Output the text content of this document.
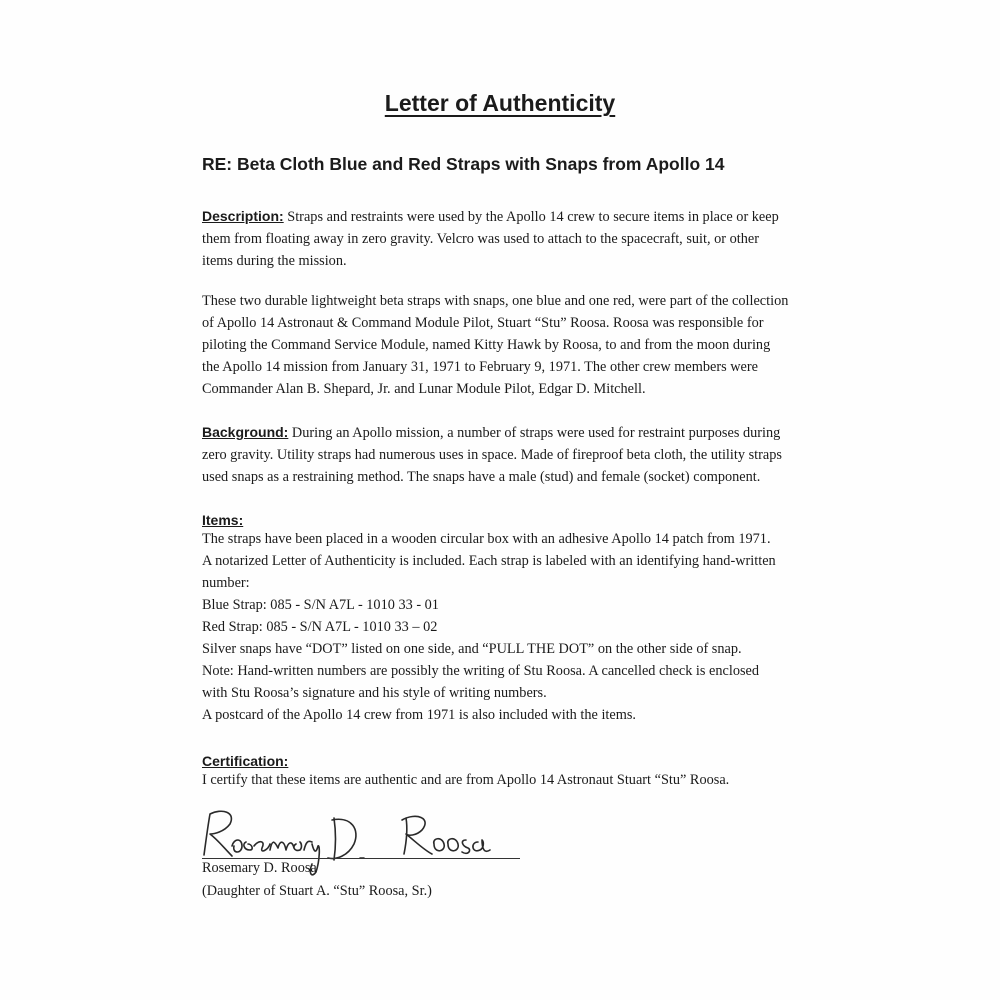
Letter of Authenticity
RE: Beta Cloth Blue and Red Straps with Snaps from Apollo 14
Description: Straps and restraints were used by the Apollo 14 crew to secure items in place or keep
them from floating away in zero gravity. Velcro was used to attach to the spacecraft, suit, or other
items during the mission.
These two durable lightweight beta straps with snaps, one blue and one red, were part of the collection
of Apollo 14 Astronaut & Command Module Pilot, Stuart “Stu” Roosa. Roosa was responsible for
piloting the Command Service Module, named Kitty Hawk by Roosa, to and from the moon during
the Apollo 14 mission from January 31, 1971 to February 9, 1971. The other crew members were
Commander Alan B. Shepard, Jr. and Lunar Module Pilot, Edgar D. Mitchell.
Background: During an Apollo mission, a number of straps were used for restraint purposes during
zero gravity. Utility straps had numerous uses in space. Made of fireproof beta cloth, the utility straps
used snaps as a restraining method. The snaps have a male (stud) and female (socket) component.
Items:
The straps have been placed in a wooden circular box with an adhesive Apollo 14 patch from 1971.
A notarized Letter of Authenticity is included. Each strap is labeled with an identifying hand-written
number:
Blue Strap: 085 - S/N A7L - 1010 33 - 01
Red Strap: 085 - S/N A7L - 1010 33 – 02
Silver snaps have “DOT” listed on one side, and “PULL THE DOT” on the other side of snap.
Note: Hand-written numbers are possibly the writing of Stu Roosa. A cancelled check is enclosed
with Stu Roosa’s signature and his style of writing numbers.
A postcard of the Apollo 14 crew from 1971 is also included with the items.
Certification:
I certify that these items are authentic and are from Apollo 14 Astronaut Stuart “Stu” Roosa.

Rosemary D. Roosa

(Daughter of Stuart A. “Stu” Roosa, Sr.)
